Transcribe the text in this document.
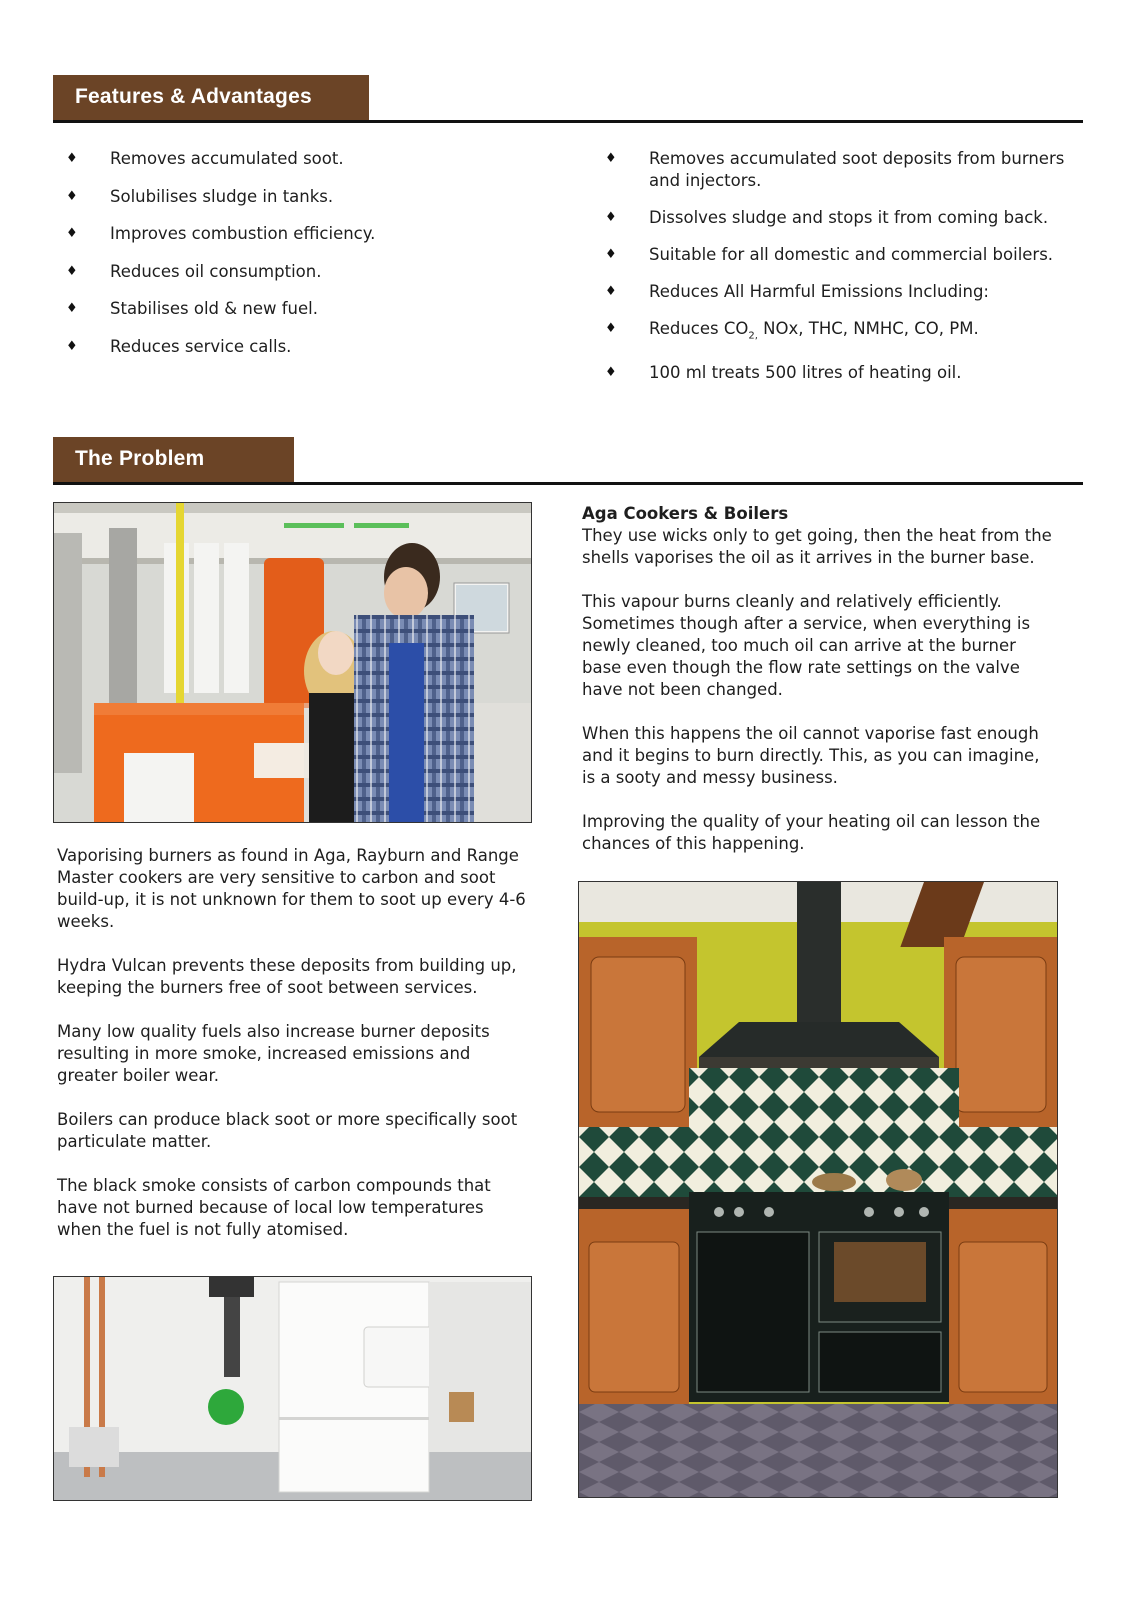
Features & Advantages
♦ Removes accumulated soot.
♦ Solubilises sludge in tanks.
♦ Improves combustion efficiency.
♦ Reduces oil consumption.
♦ Stabilises old & new fuel.
♦ Reduces service calls.
♦ Removes accumulated soot deposits from burners and injectors.
♦ Dissolves sludge and stops it from coming back.
♦ Suitable for all domestic and commercial boilers.
♦ Reduces All Harmful Emissions Including:
♦ Reduces $CO_{2,}$ NOx, THC, NMHC, CO, PM.
♦ 100 ml treats 500 litres of heating oil.
The Problem

Vaporising burners as found in Aga, Rayburn and Range Master cookers are very sensitive to carbon and soot build-up, it is not unknown for them to soot up every 4-6 weeks.

Hydra Vulcan prevents these deposits from building up, keeping the burners free of soot between services.

Many low quality fuels also increase burner deposits resulting in more smoke, increased emissions and greater boiler wear.

Boilers can produce black soot or more specifically soot particulate matter.

The black smoke consists of carbon compounds that have not burned because of local low temperatures when the fuel is not fully atomised.

Aga Cookers & Boilers

They use wicks only to get going, then the heat from the shells vaporises the oil as it arrives in the burner base.

This vapour burns cleanly and relatively efficiently. Sometimes though after a service, when everything is newly cleaned, too much oil can arrive at the burner base even though the flow rate settings on the valve have not been changed.

When this happens the oil cannot vaporise fast enough and it begins to burn directly. This, as you can imagine, is a sooty and messy business.

Improving the quality of your heating oil can lesson the chances of this happening.
